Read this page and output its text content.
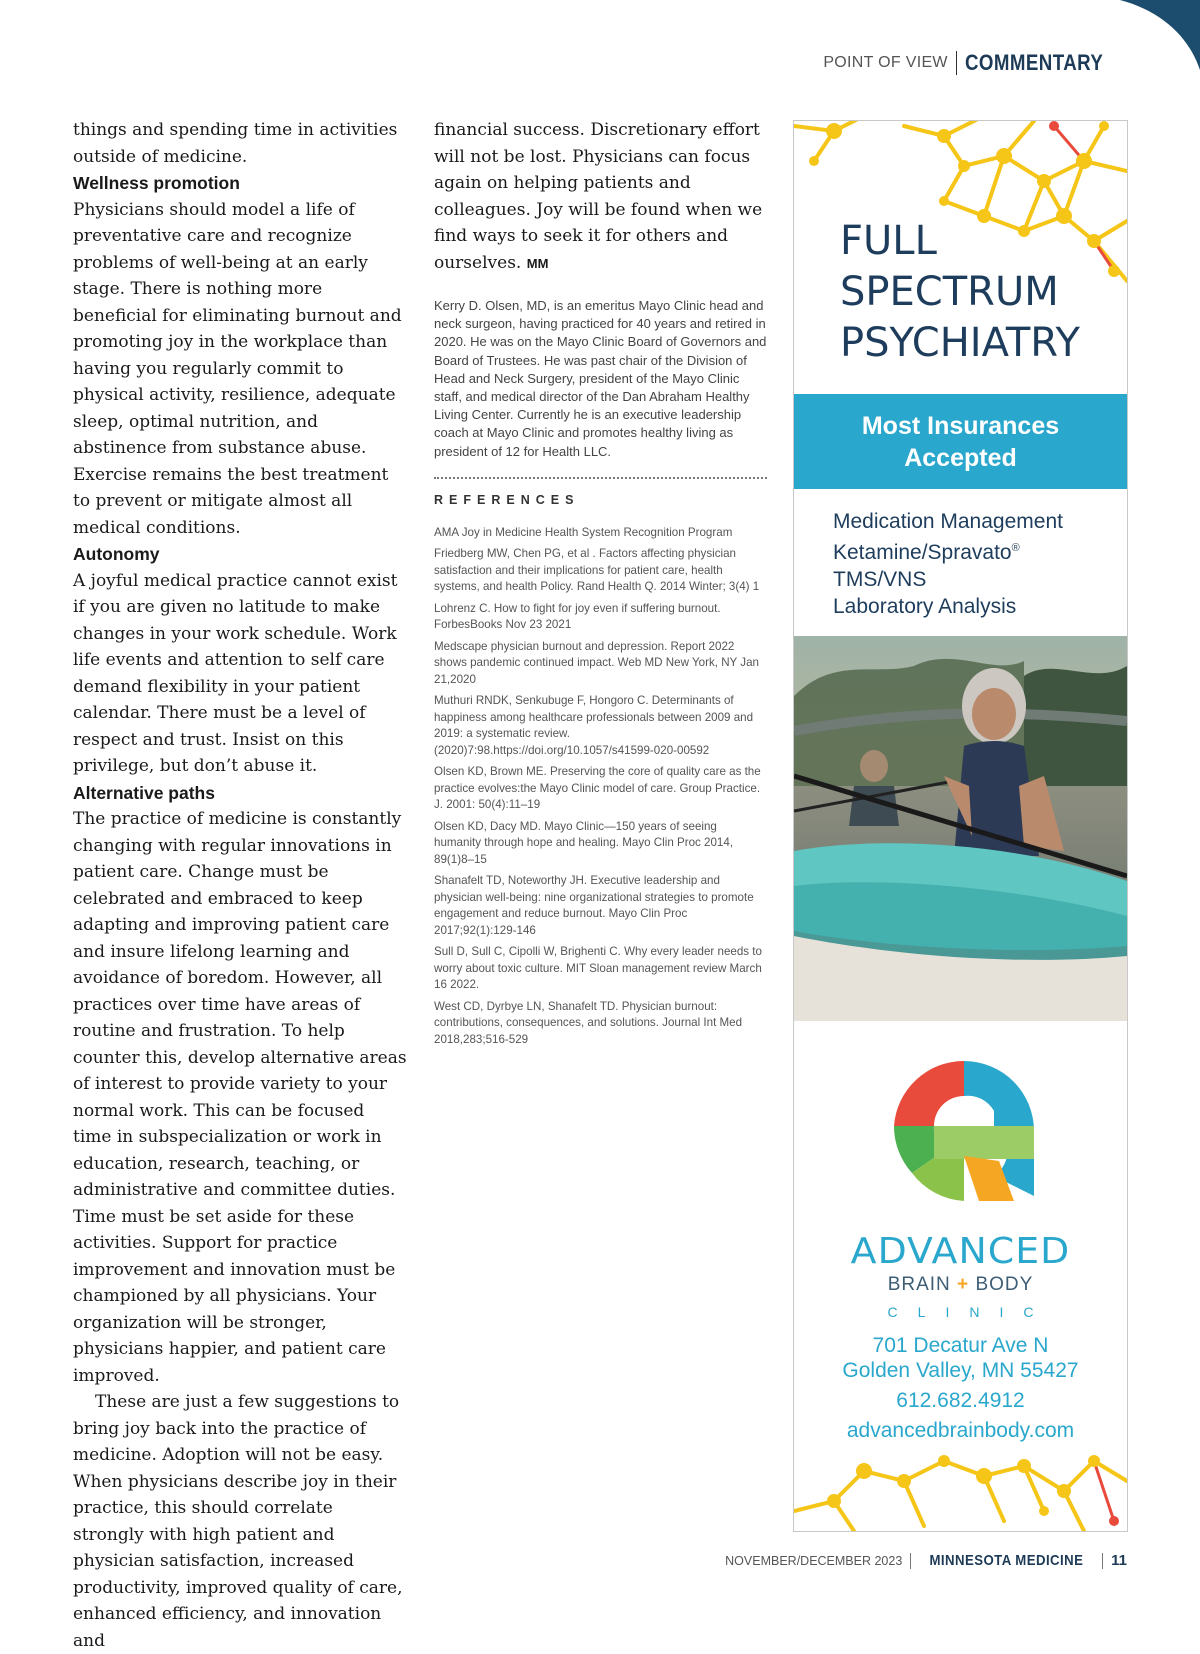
POINT OF VIEW COMMENTARY

things and spending time in activities outside of medicine.

Wellness promotion

Physicians should model a life of preventative care and recognize problems of well-being at an early stage. There is nothing more beneficial for eliminating burnout and promoting joy in the workplace than having you regularly commit to physical activity, resilience, adequate sleep, optimal nutrition, and abstinence from substance abuse. Exercise remains the best treatment to prevent or mitigate almost all medical conditions.

Autonomy

A joyful medical practice cannot exist if you are given no latitude to make changes in your work schedule. Work life events and attention to self care demand flexibility in your patient calendar. There must be a level of respect and trust. Insist on this privilege, but don’t abuse it.

Alternative paths

The practice of medicine is constantly changing with regular innovations in patient care. Change must be celebrated and embraced to keep adapting and improving patient care and insure lifelong learning and avoidance of boredom. However, all practices over time have areas of routine and frustration. To help counter this, develop alternative areas of interest to provide variety to your normal work. This can be focused time in subspecialization or work in education, research, teaching, or administrative and committee duties. Time must be set aside for these activities. Support for practice improvement and innovation must be championed by all physicians. Your organization will be stronger, physicians happier, and patient care improved.

These are just a few suggestions to bring joy back into the practice of medicine. Adoption will not be easy. When physicians describe joy in their practice, this should correlate strongly with high patient and physician satisfaction, increased productivity, improved quality of care, enhanced efficiency, and innovation and

financial success. Discretionary effort will not be lost. Physicians can focus again on helping patients and colleagues. Joy will be found when we find ways to seek it for others and ourselves. MM

Kerry D. Olsen, MD, is an emeritus Mayo Clinic head and neck surgeon, having practiced for 40 years and retired in 2020. He was on the Mayo Clinic Board of Governors and Board of Trustees. He was past chair of the Division of Head and Neck Surgery, president of the Mayo Clinic staff, and medical director of the Dan Abraham Healthy Living Center. Currently he is an executive leadership coach at Mayo Clinic and promotes healthy living as president of 12 for Health LLC.

REFERENCES
AMA Joy in Medicine Health System Recognition Program
Friedberg MW, Chen PG, et al . Factors affecting physician satisfaction and their implications for patient care, health systems, and health Policy. Rand Health Q. 2014 Winter; 3(4) 1
Lohrenz C. How to fight for joy even if suffering burnout. ForbesBooks Nov 23 2021
Medscape physician burnout and depression. Report 2022 shows pandemic continued impact. Web MD New York, NY Jan 21,2020
Muthuri RNDK, Senkubuge F, Hongoro C. Determinants of happiness among healthcare professionals between 2009 and 2019: a systematic review. (2020)7:98.https://doi.org/10.1057/s41599-020-00592
Olsen KD, Brown ME. Preserving the core of quality care as the practice evolves:the Mayo Clinic model of care. Group Practice. J. 2001: 50(4):11–19
Olsen KD, Dacy MD. Mayo Clinic—150 years of seeing humanity through hope and healing. Mayo Clin Proc 2014, 89(1)8–15
Shanafelt TD, Noteworthy JH. Executive leadership and physician well-being: nine organizational strategies to promote engagement and reduce burnout. Mayo Clin Proc 2017;92(1):129-146
Sull D, Sull C, Cipolli W, Brighenti C. Why every leader needs to worry about toxic culture. MIT Sloan management review March 16 2022.
West CD, Dyrbye LN, Shanafelt TD. Physician burnout: contributions, consequences, and solutions. Journal Int Med 2018,283;516-529
FULL
SPECTRUM
PSYCHIATRY
Most Insurances
Accepted
Medication Management
Ketamine/Spravato®
TMS/VNS
Laboratory Analysis
ADVANCED
BRAIN + BODY
CLINIC
701 Decatur Ave N
Golden Valley, MN 55427
612.682.4912
advancedbrainbody.com
NOVEMBER/DECEMBER 2023 MINNESOTA MEDICINE 11
